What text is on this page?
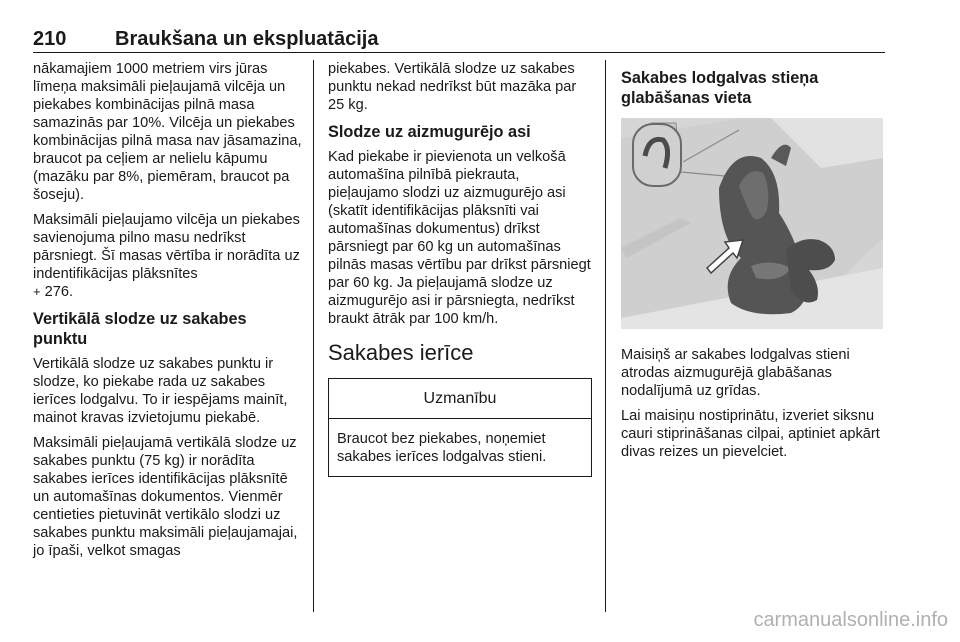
210 Braukšana un ekspluatācija

nākamajiem 1000 metriem virs jūras līmeņa maksimāli pieļaujamā vilcēja un piekabes kombinācijas pilnā masa samazinās par 10%. Vilcēja un piekabes kombinācijas pilnā masa nav jāsamazina, braucot pa ceļiem ar nelielu kāpumu (mazāku par 8%, piemēram, braucot pa šoseju).

Maksimāli pieļaujamo vilcēja un piekabes savienojuma pilno masu nedrīkst pārsniegt. Šī masas vērtība ir norādīta uz indentifikācijas plāksnītes
+ 276.

Vertikālā slodze uz sakabes punktu

Vertikālā slodze uz sakabes punktu ir slodze, ko piekabe rada uz sakabes ierīces lodgalvu. To ir iespējams mainīt, mainot kravas izvietojumu piekabē.

Maksimāli pieļaujamā vertikālā slodze uz sakabes punktu (75 kg) ir norādīta sakabes ierīces identifikācijas plāksnītē un automašīnas dokumentos. Vienmēr centieties pietuvināt vertikālo slodzi uz sakabes punktu maksimāli pieļaujamajai, jo īpaši, velkot smagas

piekabes. Vertikālā slodze uz sakabes punktu nekad nedrīkst būt mazāka par 25 kg.

Slodze uz aizmugurējo asi

Kad piekabe ir pievienota un velkošā automašīna pilnībā piekrauta, pieļaujamo slodzi uz aizmugurējo asi (skatīt identifikācijas plāksnīti vai automašīnas dokumentus) drīkst pārsniegt par 60 kg un automašīnas pilnās masas vērtību par drīkst pārsniegt par 60 kg. Ja pieļaujamā slodze uz aizmugurējo asi ir pārsniegta, nedrīkst braukt ātrāk par 100 km/h.

Sakabes ierīce
Uzmanību

Braucot bez piekabes, noņemiet sakabes ierīces lodgalvas stieni.

Sakabes lodgalvas stieņa glabāšanas vieta

Maisiņš ar sakabes lodgalvas stieni atrodas aizmugurējā glabāšanas nodalījumā uz grīdas.

Lai maisiņu nostiprinātu, izveriet siksnu cauri stiprināšanas cilpai, aptiniet apkārt divas reizes un pievelciet.

carmanualsonline.info
